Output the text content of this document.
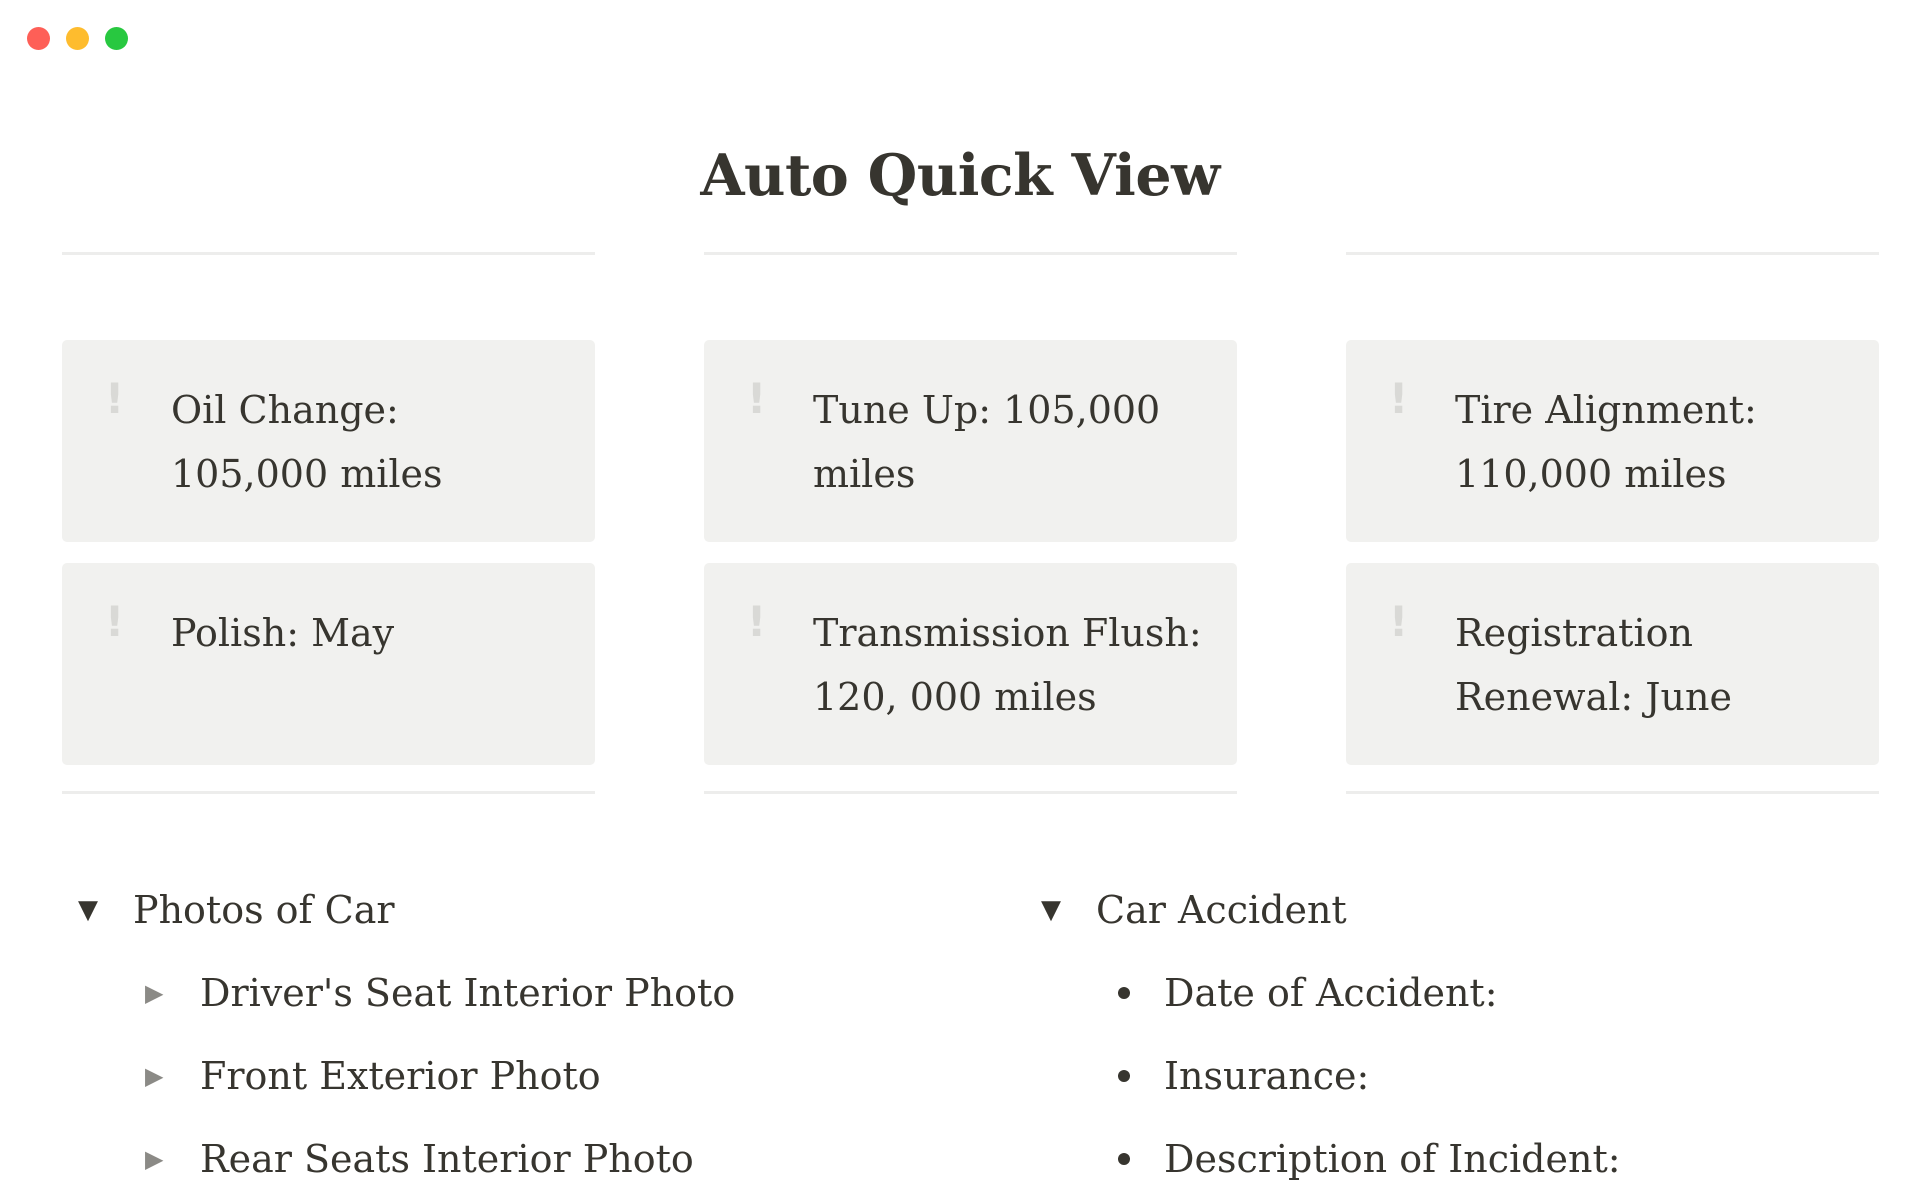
Auto Quick View
! Oil Change: 105,000 miles
! Tune Up: 105,000 miles
! Tire Alignment: 110,000 miles
! Polish: May	! Transmission Flush: 120, 000 miles
! Registration Renewal: June
▼ Photos of Car
▶ Driver's Seat Interior Photo
▶ Front Exterior Photo
▶ Rear Seats Interior Photo
▼ Car Accident
Date of Accident:
Insurance:
Description of Incident:
